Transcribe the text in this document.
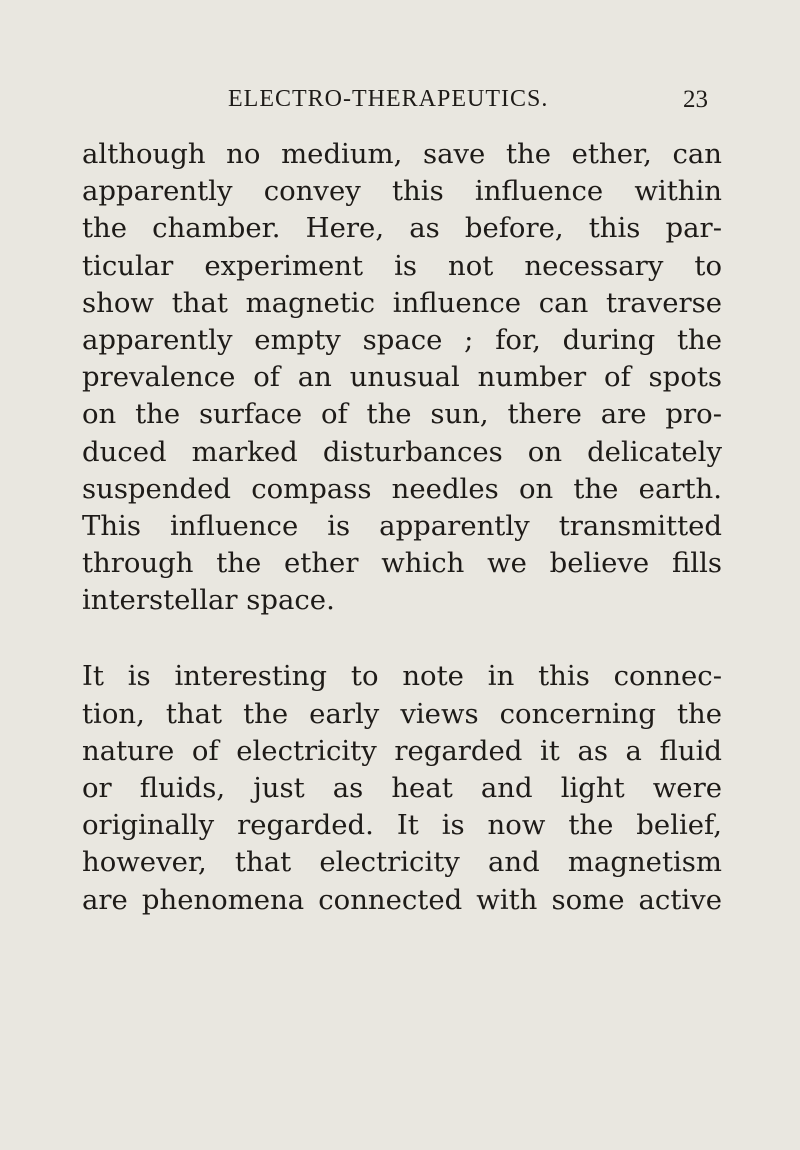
ELECTRO-THERAPEUTICS.	23
although no medium, save the ether, can
apparently convey this influence within
the chamber. Here, as before, this par-
ticular experiment is not necessary to
show that magnetic influence can traverse
apparently empty space ; for, during the
prevalence of an unusual number of spots
on the surface of the sun, there are pro-
duced marked disturbances on delicately
suspended compass needles on the earth.
This influence is apparently transmitted
through the ether which we believe fills
interstellar space.
It is interesting to note in this connec-
tion, that the early views concerning the
nature of electricity regarded it as a fluid
or fluids, just as heat and light were
originally regarded. It is now the belief,
however, that electricity and magnetism
are phenomena connected with some active
